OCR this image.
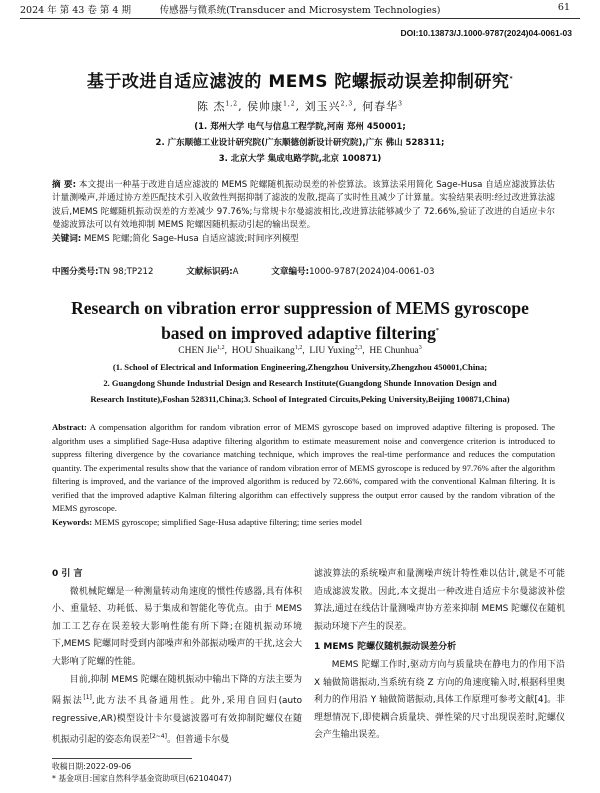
2024 年 第 43 卷 第 4 期	传感器与微系统(Transducer and Microsystem Technologies)	61
DOI:10.13873/J.1000-9787(2024)04-0061-03
基于改进自适应滤波的 MEMS 陀螺振动误差抑制研究*
陈 杰$^{1,2}$, 侯帅康$^{1,2}$, 刘玉兴$^{2,3}$, 何春华$^3$
(1. 郑州大学 电气与信息工程学院,河南 郑州 450001;
2. 广东顺德工业设计研究院(广东顺德创新设计研究院),广东 佛山 528311;
3. 北京大学 集成电路学院,北京 100871)
摘 要: 本文提出一种基于改进自适应滤波的 MEMS 陀螺随机振动误差的补偿算法。该算法采用简化 Sage-Husa 自适应滤波算法估计量测噪声,并通过协方差匹配技术引入收敛性判据抑制了滤波的发散,提高了实时性且减少了计算量。实验结果表明:经过改进算法滤波后,MEMS 陀螺随机振动误差的方差减少 97.76%;与常规卡尔曼滤波相比,改进算法能够减少了 72.66%,验证了改进的自适应卡尔曼滤波算法可以有效地抑制 MEMS 陀螺因随机振动引起的输出误差。
关键词: MEMS 陀螺;简化 Sage-Husa 自适应滤波;时间序列模型
中图分类号:TN 98;TP212	文献标识码:A	文章编号:1000-9787(2024)04-0061-03
Research on vibration error suppression of MEMS gyroscope
based on improved adaptive filtering*
CHEN Jie$^{1,2}$,  HOU Shuaikang$^{1,2}$,  LIU Yuxing$^{2,3}$,  HE Chunhua$^3$
(1. School of Electrical and Information Engineering,Zhengzhou University,Zhengzhou 450001,China;
2. Guangdong Shunde Industrial Design and Research Institute(Guangdong Shunde Innovation Design and
Research Institute),Foshan 528311,China;3. School of Integrated Circuits,Peking University,Beijing 100871,China)
Abstract: A compensation algorithm for random vibration error of MEMS gyroscope based on improved adaptive filtering is proposed. The algorithm uses a simplified Sage-Husa adaptive filtering algorithm to estimate measurement noise and convergence criterion is introduced to suppress filtering divergence by the covariance matching technique, which improves the real-time performance and reduces the computation quantity. The experimental results show that the variance of random vibration error of MEMS gyroscope is reduced by 97.76% after the algorithm filtering is improved, and the variance of the improved algorithm is reduced by 72.66%, compared with the conventional Kalman filtering. It is verified that the improved adaptive Kalman filtering algorithm can effectively suppress the output error caused by the random vibration of the MEMS gyroscope.
Keywords: MEMS gyroscope; simplified Sage-Husa adaptive filtering; time series model
0 引 言
微机械陀螺是一种测量转动角速度的惯性传感器,具有体积小、重量轻、功耗低、易于集成和智能化等优点。由于 MEMS 加工工艺存在误差较大影响性能有所下降;在随机振动环境下,MEMS 陀螺同时受到内部噪声和外部振动噪声的干扰,这会大大影响了陀螺的性能。
目前,抑制 MEMS 陀螺在随机振动中输出下降的方法主要为隔振法[1],此方法不具备通用性。此外,采用自回归(auto regressive,AR)模型设计卡尔曼滤波器可有效抑制陀螺仪在随机振动引起的姿态角误差[2~4]。但普通卡尔曼
滤波算法的系统噪声和量测噪声统计特性难以估计,就是不可能造成滤波发散。因此,本文提出一种改进自适应卡尔曼滤波补偿算法,通过在线估计量测噪声协方差来抑制 MEMS 陀螺仪在随机振动环境下产生的误差。
1 MEMS 陀螺仪随机振动误差分析
MEMS 陀螺工作时,驱动方向与质量块在静电力的作用下沿 X 轴做简谐振动,当系统有绕 Z 方向的角速度输入时,根据科里奥利力的作用沿 Y 轴做简谐振动,具体工作原理可参考文献[4]。非理想情况下,即使耦合质量块、弹性梁的尺寸出现误差时,陀螺仪会产生输出误差。
收稿日期:2022-09-06
* 基金项目:国家自然科学基金资助项目(62104047)
